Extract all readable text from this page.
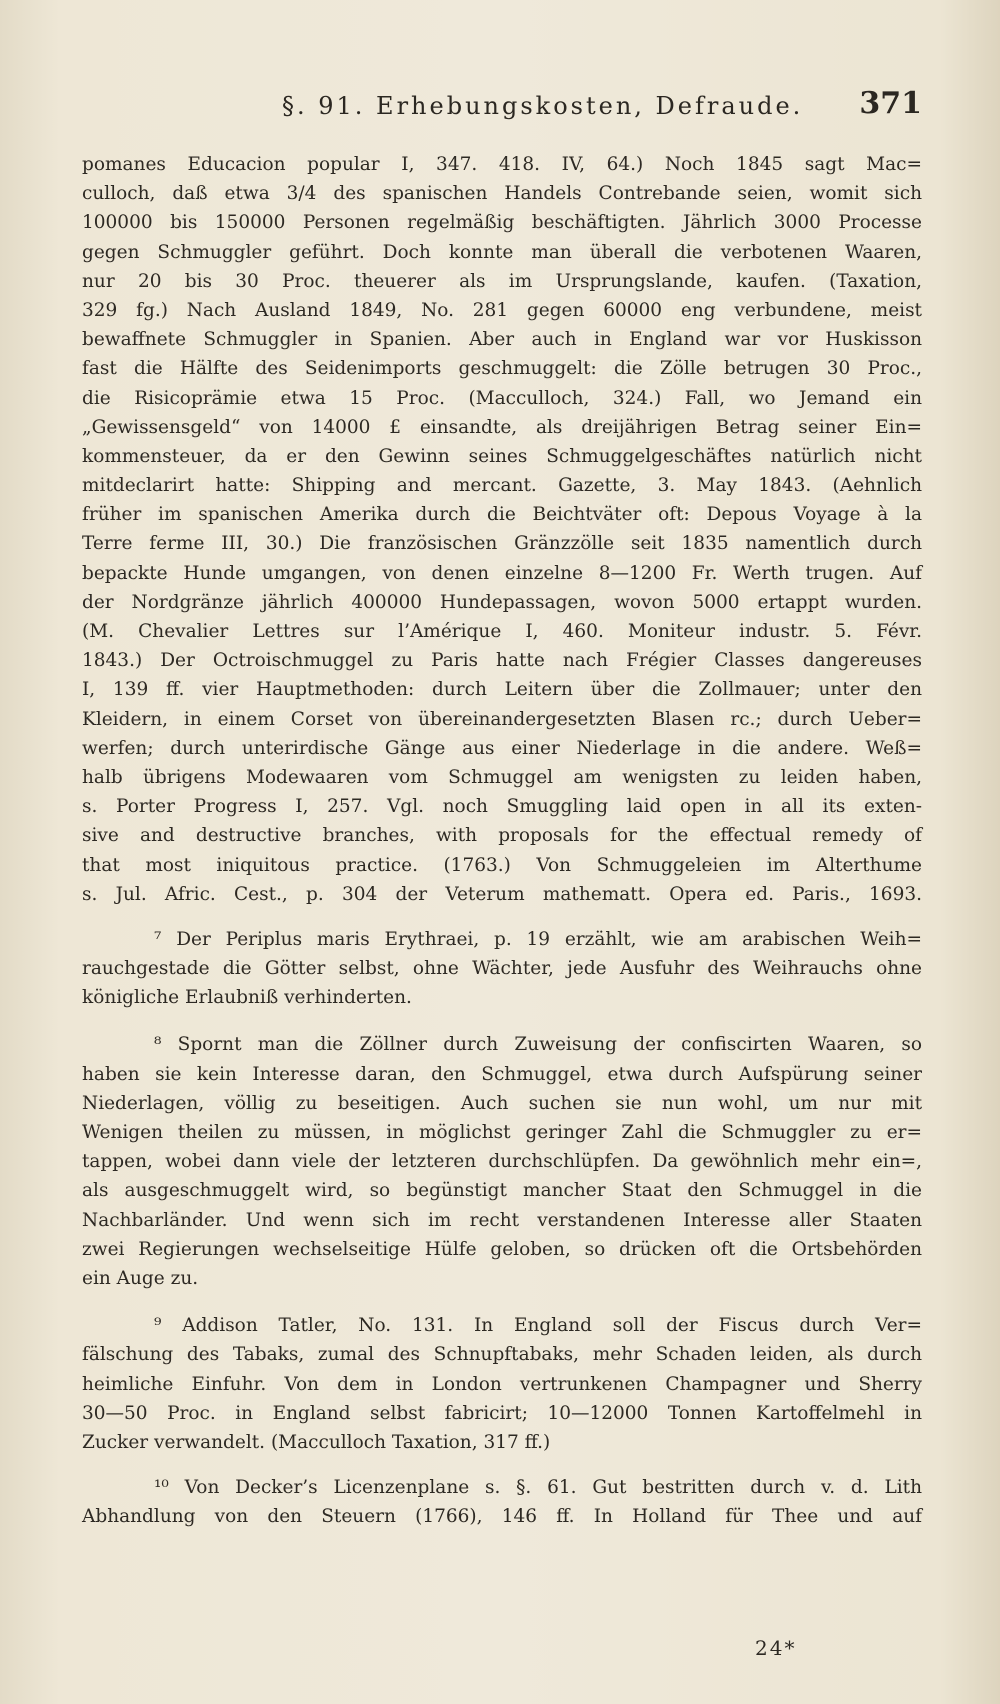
§. 91. Erhebungskosten, Defraude. 371
pomanes Educacion popular I, 347. 418. IV, 64.) Noch 1845 sagt Mac=
culloch, daß etwa 3/4 des spanischen Handels Contrebande seien, womit sich
100000 bis 150000 Personen regelmäßig beschäftigten. Jährlich 3000 Processe
gegen Schmuggler geführt. Doch konnte man überall die verbotenen Waaren,
nur 20 bis 30 Proc. theuerer als im Ursprungslande, kaufen. (Taxation,
329 fg.) Nach Ausland 1849, No. 281 gegen 60000 eng verbundene, meist
bewaffnete Schmuggler in Spanien. Aber auch in England war vor Huskisson
fast die Hälfte des Seidenimports geschmuggelt: die Zölle betrugen 30 Proc.,
die Risicoprämie etwa 15 Proc. (Macculloch, 324.) Fall, wo Jemand ein
„Gewissensgeld“ von 14000 £ einsandte, als dreijährigen Betrag seiner Ein=
kommensteuer, da er den Gewinn seines Schmuggelgeschäftes natürlich nicht
mitdeclarirt hatte: Shipping and mercant. Gazette, 3. May 1843. (Aehnlich
früher im spanischen Amerika durch die Beichtväter oft: Depous Voyage à la
Terre ferme III, 30.) Die französischen Gränzzölle seit 1835 namentlich durch
bepackte Hunde umgangen, von denen einzelne 8—1200 Fr. Werth trugen. Auf
der Nordgränze jährlich 400000 Hundepassagen, wovon 5000 ertappt wurden.
(M. Chevalier Lettres sur l’Amérique I, 460. Moniteur industr. 5. Févr.
1843.) Der Octroischmuggel zu Paris hatte nach Frégier Classes dangereuses
I, 139 ff. vier Hauptmethoden: durch Leitern über die Zollmauer; unter den
Kleidern, in einem Corset von übereinandergesetzten Blasen rc.; durch Ueber=
werfen; durch unterirdische Gänge aus einer Niederlage in die andere. Weß=
halb übrigens Modewaaren vom Schmuggel am wenigsten zu leiden haben,
s. Porter Progress I, 257. Vgl. noch Smuggling laid open in all its exten-
sive and destructive branches, with proposals for the effectual remedy of
that most iniquitous practice. (1763.) Von Schmuggeleien im Alterthume
s. Jul. Afric. Cest., p. 304 der Veterum mathematt. Opera ed. Paris., 1693.
⁷ Der Periplus maris Erythraei, p. 19 erzählt, wie am arabischen Weih=
rauchgestade die Götter selbst, ohne Wächter, jede Ausfuhr des Weihrauchs ohne
königliche Erlaubniß verhinderten.
⁸ Spornt man die Zöllner durch Zuweisung der confiscirten Waaren, so
haben sie kein Interesse daran, den Schmuggel, etwa durch Aufspürung seiner
Niederlagen, völlig zu beseitigen. Auch suchen sie nun wohl, um nur mit
Wenigen theilen zu müssen, in möglichst geringer Zahl die Schmuggler zu er=
tappen, wobei dann viele der letzteren durchschlüpfen. Da gewöhnlich mehr ein=,
als ausgeschmuggelt wird, so begünstigt mancher Staat den Schmuggel in die
Nachbarländer. Und wenn sich im recht verstandenen Interesse aller Staaten
zwei Regierungen wechselseitige Hülfe geloben, so drücken oft die Ortsbehörden
ein Auge zu.
⁹ Addison Tatler, No. 131. In England soll der Fiscus durch Ver=
fälschung des Tabaks, zumal des Schnupftabaks, mehr Schaden leiden, als durch
heimliche Einfuhr. Von dem in London vertrunkenen Champagner und Sherry
30—50 Proc. in England selbst fabricirt; 10—12000 Tonnen Kartoffelmehl in
Zucker verwandelt. (Macculloch Taxation, 317 ff.)
¹⁰ Von Decker’s Licenzenplane s. §. 61. Gut bestritten durch v. d. Lith
Abhandlung von den Steuern (1766), 146 ff. In Holland für Thee und auf
24*
